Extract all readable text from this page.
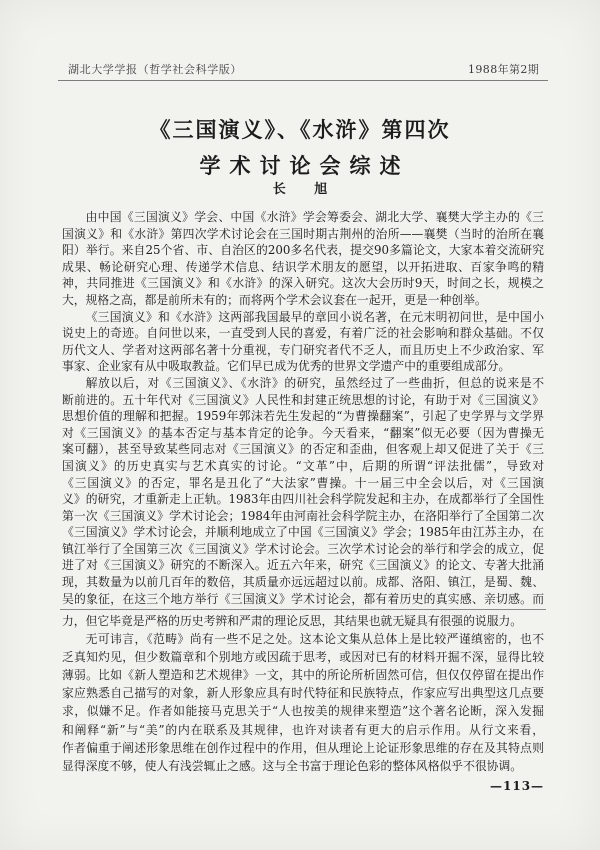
湖北大学学报（哲学社会科学版）	1988年第2期
《三国演义》、《水浒》第四次
学术讨论会综述
长 旭
由中国《三国演义》学会、中国《水浒》学会筹委会、湖北大学、襄樊大学主办的《三
国演义》和《水浒》第四次学术讨论会在三国时期古荆州的治所——襄樊（当时的治所在襄
阳）举行。来自25个省、市、自治区的200多名代表，提交90多篇论文，大家本着交流研究
成果、畅论研究心理、传递学术信息、结识学术朋友的愿望，以开拓进取、百家争鸣的精
神，共同推进《三国演义》和《水浒》的深入研究。这次大会历时9天，时间之长，规模之
大，规格之高，都是前所未有的；而将两个学术会议套在一起开，更是一种创举。
《三国演义》和《水浒》这两部我国最早的章回小说名著，在元末明初问世，是中国小
说史上的奇迹。自问世以来，一直受到人民的喜爱，有着广泛的社会影响和群众基础。不仅
历代文人、学者对这两部名著十分重视，专门研究者代不乏人，而且历史上不少政治家、军
事家、企业家有从中吸取教益。它们早已成为优秀的世界文学遗产中的重要组成部分。
解放以后，对《三国演义》、《水浒》的研究，虽然经过了一些曲折，但总的说来是不
断前进的。五十年代对《三国演义》人民性和封建正统思想的讨论，有助于对《三国演义》
思想价值的理解和把握。1959年郭沫若先生发起的“为曹操翻案”，引起了史学界与文学界
对《三国演义》的基本否定与基本肯定的论争。今天看来，“翻案”似无必要（因为曹操无
案可翻），甚至导致某些同志对《三国演义》的否定和歪曲，但客观上却又促进了关于《三
国演义》的历史真实与艺术真实的讨论。“文革”中，后期的所谓“评法批儒”，导致对
《三国演义》的否定，罪名是丑化了“大法家”曹操。十一届三中全会以后，对《三国演
义》的研究，才重新走上正轨。1983年由四川社会科学院发起和主办，在成都举行了全国性
第一次《三国演义》学术讨论会；1984年由河南社会科学院主办，在洛阳举行了全国第二次
《三国演义》学术讨论会，并顺利地成立了中国《三国演义》学会；1985年由江苏主办，在
镇江举行了全国第三次《三国演义》学术讨论会。三次学术讨论会的举行和学会的成立，促
进了对《三国演义》研究的不断深入。近五六年来，研究《三国演义》的论文、专著大批涌
现，其数量为以前几百年的数倍，其质量亦远远超过以前。成都、洛阳、镇江，是蜀、魏、
吴的象征，在这三个地方举行《三国演义》学术讨论会，都有着历史的真实感、亲切感。而
力，但它毕竟是严格的历史考辨和严肃的理论反思，其结果也就无疑具有很强的说服力。
无可讳言，《范畴》尚有一些不足之处。这本论文集从总体上是比较严谨缜密的，也不
乏真知灼见，但少数篇章和个别地方或因疏于思考，或因对已有的材料开掘不深，显得比较
薄弱。比如《新人塑造和艺术规律》一文，其中的所论所析固然可信，但仅仅停留在提出作
家应熟悉自己描写的对象，新人形象应具有时代特征和民族特点，作家应写出典型这几点要
求，似嫌不足。作者如能接马克思关于“人也按美的规律来塑造”这个著名论断，深入发掘
和阐释“新”与“美”的内在联系及其规律，也许对读者有更大的启示作用。从行文来看，
作者偏重于阐述形象思维在创作过程中的作用，但从理论上论证形象思维的存在及其特点则
显得深度不够，使人有浅尝辄止之感。这与全书富于理论色彩的整体风格似乎不很协调。
—113—
